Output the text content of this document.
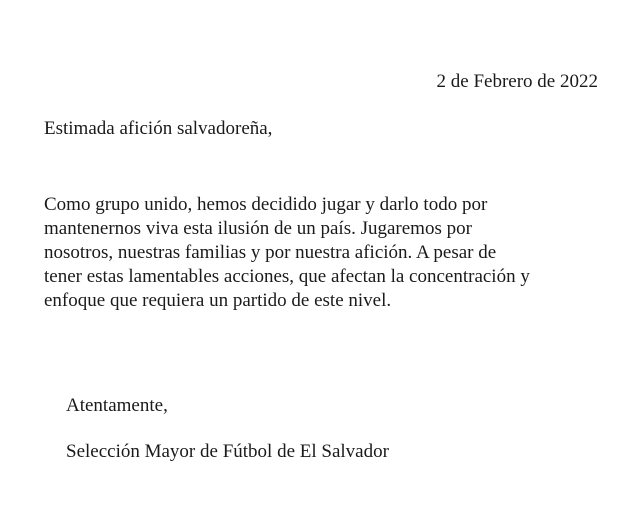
2 de Febrero de 2022
Estimada afición salvadoreña,

Como grupo unido, hemos decidido jugar y darlo todo por
mantenernos viva esta ilusión de un país. Jugaremos por
nosotros, nuestras familias y por nuestra afición. A pesar de
tener estas lamentables acciones, que afectan la concentración y
enfoque que requiera un partido de este nivel.

Atentamente,
Selección Mayor de Fútbol de El Salvador
